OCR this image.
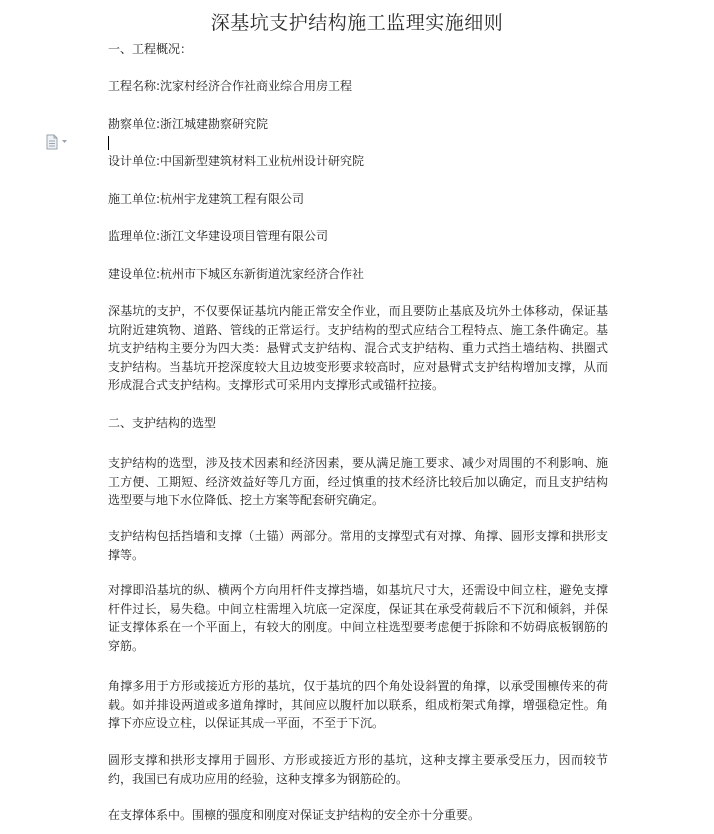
深基坑支护结构施工监理实施细则
一、工程概况：
工程名称:沈家村经济合作社商业综合用房工程
勘察单位:浙江城建勘察研究院
设计单位:中国新型建筑材料工业杭州设计研究院
施工单位:杭州宇龙建筑工程有限公司
监理单位:浙江文华建设项目管理有限公司
建设单位:杭州市下城区东新街道沈家经济合作社
深基坑的支护，不仅要保证基坑内能正常安全作业，而且要防止基底及坑外土体移动，保证基坑附近建筑物、道路、管线的正常运行。支护结构的型式应结合工程特点、施工条件确定。基坑支护结构主要分为四大类：悬臂式支护结构、混合式支护结构、重力式挡土墙结构、拱圈式支护结构。当基坑开挖深度较大且边坡变形要求较高时，应对悬臂式支护结构增加支撑，从而形成混合式支护结构。支撑形式可采用内支撑形式或锚杆拉接。
二、支护结构的选型
支护结构的选型，涉及技术因素和经济因素，要从满足施工要求、减少对周围的不利影响、施工方便、工期短、经济效益好等几方面，经过慎重的技术经济比较后加以确定，而且支护结构选型要与地下水位降低、挖土方案等配套研究确定。
支护结构包括挡墙和支撑（土锚）两部分。常用的支撑型式有对撑、角撑、圆形支撑和拱形支撑等。
对撑即沿基坑的纵、横两个方向用杆件支撑挡墙，如基坑尺寸大，还需设中间立柱，避免支撑杆件过长，易失稳。中间立柱需埋入坑底一定深度，保证其在承受荷载后不下沉和倾斜，并保证支撑体系在一个平面上，有较大的刚度。中间立柱选型要考虑便于拆除和不妨碍底板钢筋的穿筋。
角撑多用于方形或接近方形的基坑，仅于基坑的四个角处设斜置的角撑，以承受围檩传来的荷载。如并排设两道或多道角撑时，其间应以腹杆加以联系，组成桁架式角撑，增强稳定性。角撑下亦应设立柱，以保证其成一平面，不至于下沉。
圆形支撑和拱形支撑用于圆形、方形或接近方形的基坑，这种支撑主要承受压力，因而较节约，我国已有成功应用的经验，这种支撑多为钢筋砼的。
在支撑体系中。围檩的强度和刚度对保证支护结构的安全亦十分重要。
